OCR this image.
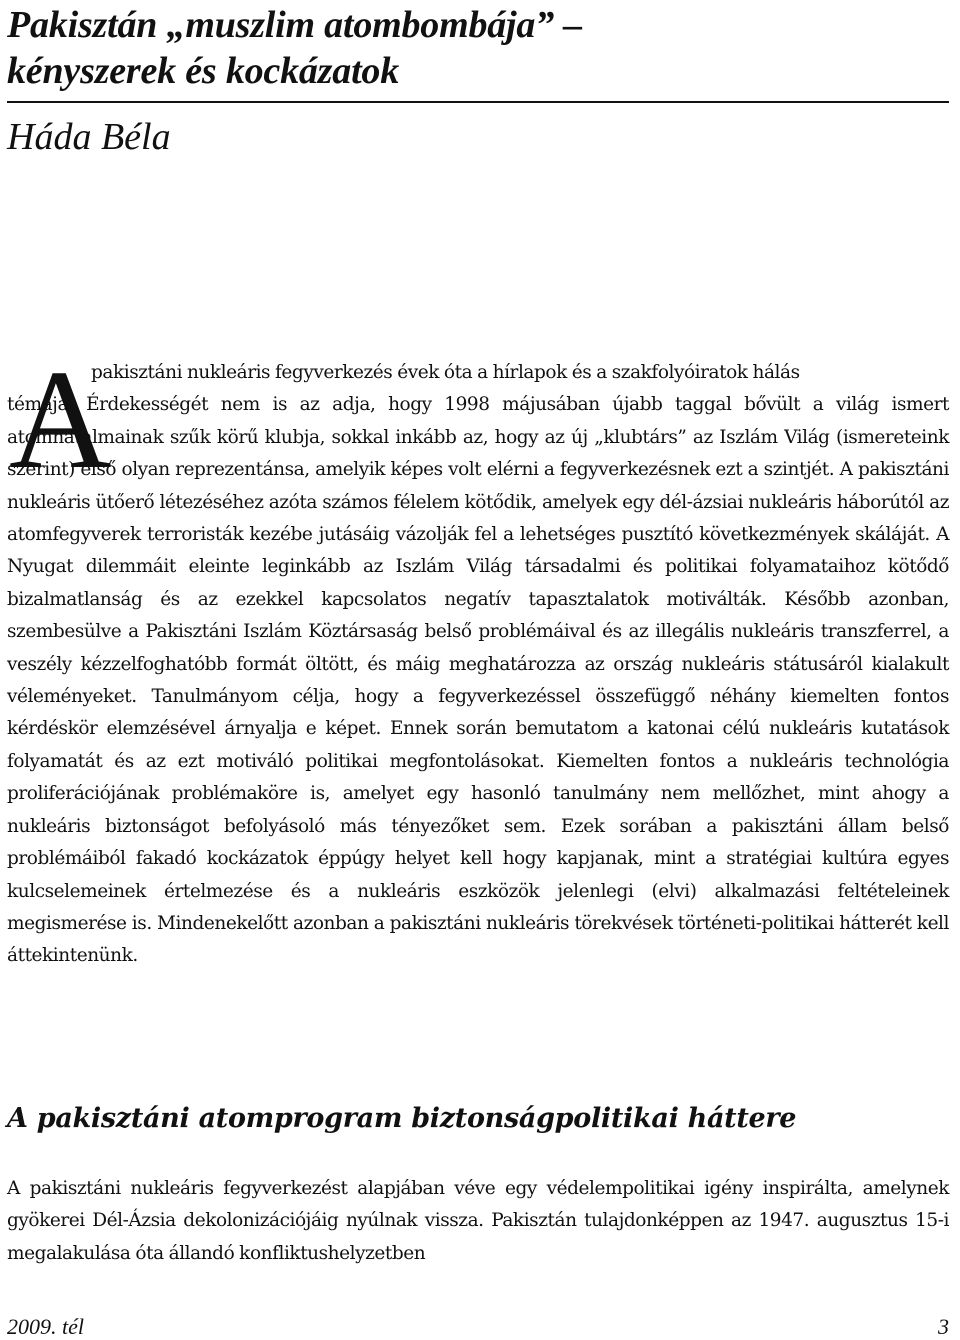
Pakisztán „muszlim atombombája” –
kényszerek és kockázatok
Háda Béla
A

pakisztáni nukleáris fegyverkezés évek óta a hírlapok és a szakfolyóiratok hálás
témája. Érdekességét nem is az adja, hogy 1998 májusában újabb taggal bővült a világ ismert atomhatalmainak szűk körű klubja, sokkal inkább az, hogy az új „klubtárs” az Iszlám Világ (ismereteink szerint) első olyan reprezentánsa, amelyik képes volt elérni a fegyverkezésnek ezt a szintjét. A pakisztáni nukleáris ütőerő létezéséhez azóta számos félelem kötődik, amelyek egy dél-ázsiai nukleáris háborútól az atomfegyverek terroristák kezébe jutásáig vázolják fel a lehetséges pusztító következmények skáláját. A Nyugat dilemmáit eleinte leginkább az Iszlám Világ társadalmi és politikai folyamataihoz kötődő bizalmatlanság és az ezekkel kapcsolatos negatív tapasztalatok motiválták. Később azonban, szembesülve a Pakisztáni Iszlám Köztársaság belső problémáival és az illegális nukleáris transzferrel, a veszély kézzelfoghatóbb formát öltött, és máig meghatározza az ország nukleáris státusáról kialakult véleményeket. Tanulmányom célja, hogy a fegyverkezéssel összefüggő néhány kiemelten fontos kérdéskör elemzésével árnyalja e képet. Ennek során bemutatom a katonai célú nukleáris kutatások folyamatát és az ezt motiváló politikai megfontolásokat. Kiemelten fontos a nukleáris technológia proliferációjának problémaköre is, amelyet egy hasonló tanulmány nem mellőzhet, mint ahogy a nukleáris biztonságot befolyásoló más tényezőket sem. Ezek sorában a pakisztáni állam belső problémáiból fakadó kockázatok éppúgy helyet kell hogy kapjanak, mint a stratégiai kultúra egyes kulcselemeinek értelmezése és a nukleáris eszközök jelenlegi (elvi) alkalmazási feltételeinek megismerése is. Mindenekelőtt azonban a pakisztáni nukleáris törekvések történeti-politikai hátterét kell áttekintenünk.

A pakisztáni atomprogram biztonságpolitikai háttere

A pakisztáni nukleáris fegyverkezést alapjában véve egy védelempolitikai igény inspirálta, amelynek gyökerei Dél-Ázsia dekolonizációjáig nyúlnak vissza. Pakisztán tulajdonképpen az 1947. augusztus 15-i megalakulása óta állandó konfliktushelyzetben

2009. tél	3
